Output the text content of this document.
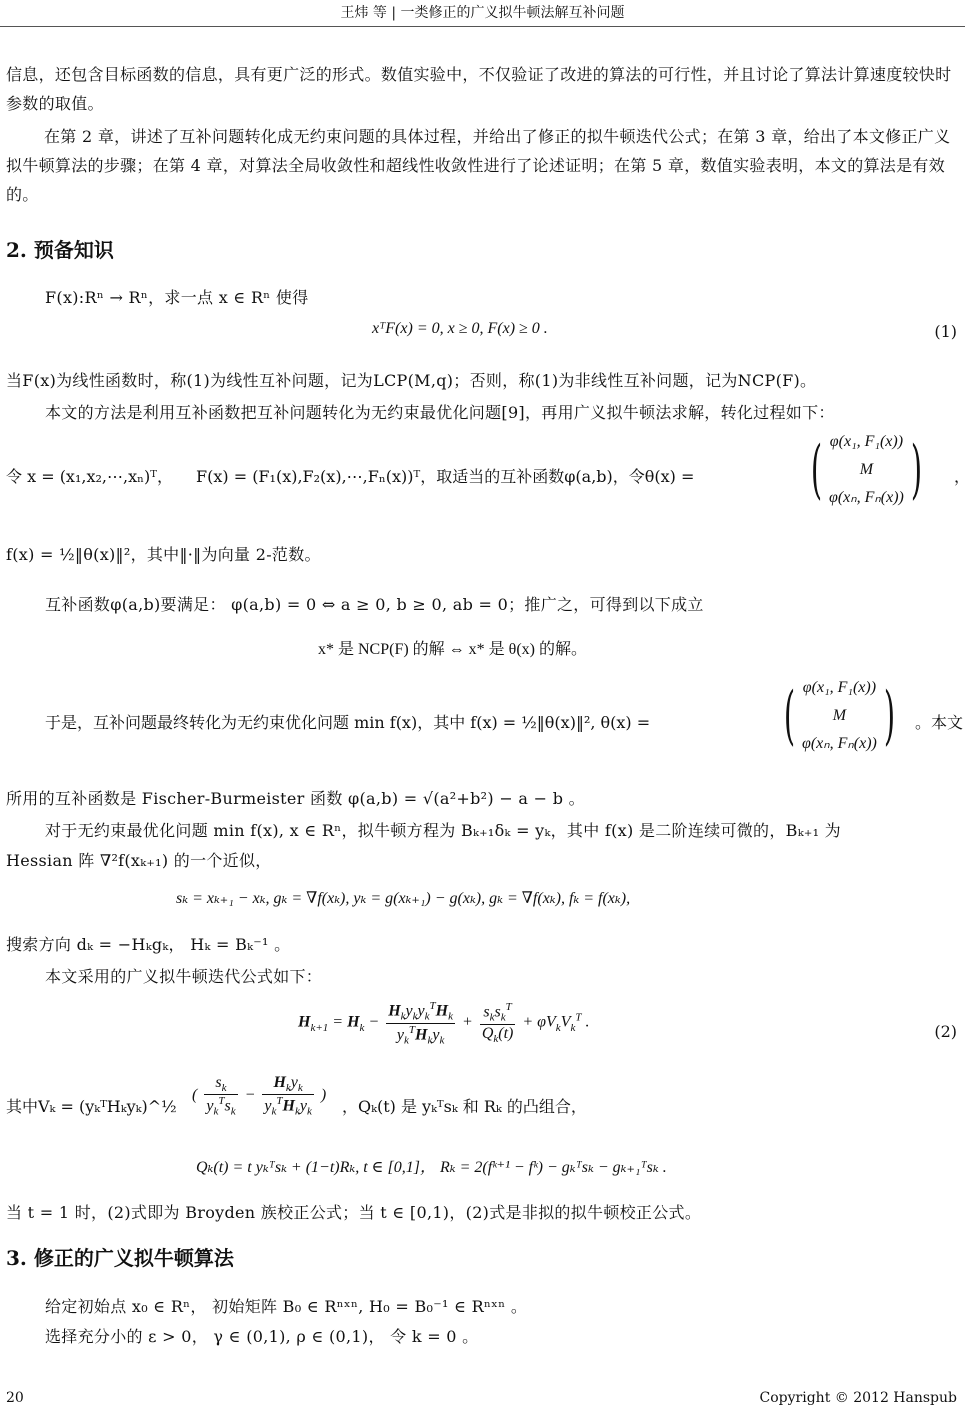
王炜 等 | 一类修正的广义拟牛顿法解互补问题

信息，还包含目标函数的信息，具有更广泛的形式。数值实验中，不仅验证了改进的算法的可行性，并且讨论了算法计算速度较快时参数的取值。

在第 2 章，讲述了互补问题转化成无约束问题的具体过程，并给出了修正的拟牛顿迭代公式；在第 3 章，给出了本文修正广义拟牛顿算法的步骤；在第 4 章，对算法全局收敛性和超线性收敛性进行了论述证明；在第 5 章，数值实验表明，本文的算法是有效的。

2. 预备知识

F(x):Rⁿ → Rⁿ，求一点 x ∈ Rⁿ 使得

xᵀF(x) = 0, x ≥ 0, F(x) ≥ 0 .	(1)

当F(x)为线性函数时，称(1)为线性互补问题，记为LCP(M,q)；否则，称(1)为非线性互补问题，记为NCP(F)。

本文的方法是利用互补函数把互补问题转化为无约束最优化问题[9]，再用广义拟牛顿法求解，转化过程如下：

令 x = (x₁,x₂,⋯,xₙ)ᵀ， F(x) = (F₁(x),F₂(x),⋯,Fₙ(x))ᵀ，取适当的互补函数φ(a,b)，令θ(x) = ( φ(x₁, F₁(x))
M
φ(xₙ, Fₙ(x)) ) ，

f(x) = ½‖θ(x)‖²，其中‖·‖为向量 2-范数。

互补函数φ(a,b)要满足： φ(a,b) = 0 ⇔ a ≥ 0, b ≥ 0, ab = 0；推广之，可得到以下成立

x* 是 NCP(F) 的解 ⇔ x* 是 θ(x) 的解。
于是，互补问题最终转化为无约束优化问题 min f(x)，其中 f(x) = ½‖θ(x)‖², θ(x) = ( φ(x₁, F₁(x))
M
φ(xₙ, Fₙ(x)) ) 。本文

所用的互补函数是 Fischer-Burmeister 函数 φ(a,b) = √(a²+b²) − a − b 。

对于无约束最优化问题 min f(x), x ∈ Rⁿ，拟牛顿方程为 Bₖ₊₁δₖ = yₖ，其中 f(x) 是二阶连续可微的，Bₖ₊₁ 为

Hessian 阵 ∇²f(xₖ₊₁) 的一个近似，

sₖ = xₖ₊₁ − xₖ, gₖ = ∇f(xₖ), yₖ = g(xₖ₊₁) − g(xₖ), gₖ = ∇f(xₖ), fₖ = f(xₖ),

搜索方向 dₖ = −Hₖgₖ， Hₖ = Bₖ⁻¹ 。

本文采用的广义拟牛顿迭代公式如下：

$H_{k+1} = H_k - \frac{H_ky_ky_k^TH_k}{y_k^TH_ky_k} + \frac{s_ks_k^T}{Q_k(t)} + \varphi V_kV_k^T$ .	(2)
其中Vₖ = (yₖᵀHₖyₖ)^½
( $\frac{s_k}{y_k^Ts_k} - \frac{H_ky_k}{y_k^TH_ky_k}$ )
，Qₖ(t) 是 yₖᵀsₖ 和 Rₖ 的凸组合，
Qₖ(t) = t yₖᵀsₖ + (1−t)Rₖ, t ∈ [0,1]， Rₖ = 2(fᵏ⁺¹ − fᵏ) − gₖᵀsₖ − gₖ₊₁ᵀsₖ .

当 t = 1 时，(2)式即为 Broyden 族校正公式；当 t ∈ [0,1)，(2)式是非拟的拟牛顿校正公式。

3. 修正的广义拟牛顿算法

给定初始点 x₀ ∈ Rⁿ， 初始矩阵 B₀ ∈ Rⁿˣⁿ, H₀ = B₀⁻¹ ∈ Rⁿˣⁿ 。

选择充分小的 ε > 0， γ ∈ (0,1), ρ ∈ (0,1)， 令 k = 0 。

20	Copyright © 2012 Hanspub
